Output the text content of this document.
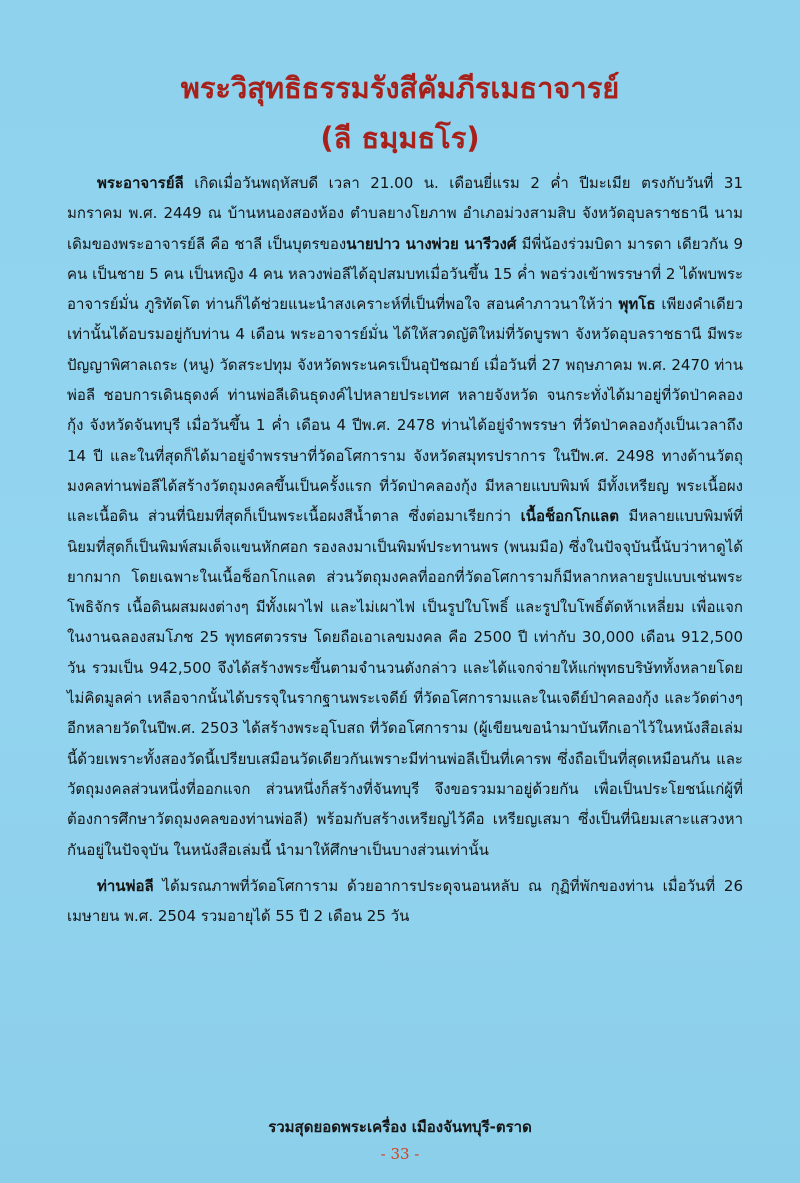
พระวิสุทธิธรรมรังสีคัมภีรเมธาจารย์
(ลี ธมฺมธโร)

พระอาจารย์ลี เกิดเมื่อวันพฤหัสบดี เวลา 21.00 น. เดือนยี่แรม 2 ค่ำ ปีมะเมีย ตรงกับวันที่ 31 มกราคม พ.ศ. 2449 ณ บ้านหนองสองห้อง ตำบลยางโยภาพ อำเภอม่วงสามสิบ จังหวัดอุบลราชธานี นามเดิมของพระอาจารย์ลี คือ ชาลี เป็นบุตรของนายปาว นางพ่วย นารีวงศ์ มีพี่น้องร่วมบิดา มารดา เดียวกัน 9 คน เป็นชาย 5 คน เป็นหญิง 4 คน หลวงพ่อลีได้อุปสมบทเมื่อวันขึ้น 15 ค่ำ พอร่วงเข้าพรรษาที่ 2 ได้พบพระอาจารย์มั่น ภูริทัตโต ท่านก็ได้ช่วยแนะนำสงเคราะห์ที่เป็นที่พอใจ สอนคำภาวนาให้ว่า พุทโธ เพียงคำเดียวเท่านั้นได้อบรมอยู่กับท่าน 4 เดือน พระอาจารย์มั่น ได้ให้สวดญัติใหม่ที่วัดบูรพา จังหวัดอุบลราชธานี มีพระปัญญาพิศาลเถระ (หนู) วัดสระปทุม จังหวัดพระนครเป็นอุปัชฌาย์ เมื่อวันที่ 27 พฤษภาคม พ.ศ. 2470 ท่านพ่อลี ชอบการเดินธุดงค์ ท่านพ่อลีเดินธุดงค์ไปหลายประเทศ หลายจังหวัด จนกระทั่งได้มาอยู่ที่วัดป่าคลองกุ้ง จังหวัดจันทบุรี เมื่อวันขึ้น 1 ค่ำ เดือน 4 ปีพ.ศ. 2478 ท่านได้อยู่จำพรรษา ที่วัดป่าคลองกุ้งเป็นเวลาถึง 14 ปี และในที่สุดก็ได้มาอยู่จำพรรษาที่วัดอโศการาม จังหวัดสมุทรปราการ ในปีพ.ศ. 2498 ทางด้านวัตถุมงคลท่านพ่อลีได้สร้างวัตถุมงคลขึ้นเป็นครั้งแรก ที่วัดป่าคลองกุ้ง มีหลายแบบพิมพ์ มีทั้งเหรียญ พระเนื้อผงและเนื้อดิน ส่วนที่นิยมที่สุดก็เป็นพระเนื้อผงสีน้ำตาล ซึ่งต่อมาเรียกว่า เนื้อช็อกโกแลต มีหลายแบบพิมพ์ที่นิยมที่สุดก็เป็นพิมพ์สมเด็จแขนหักศอก รองลงมาเป็นพิมพ์ประทานพร (พนมมือ) ซึ่งในปัจจุบันนี้นับว่าหาดูได้ยากมาก โดยเฉพาะในเนื้อช็อกโกแลต ส่วนวัตถุมงคลที่ออกที่วัดอโศการามก็มีหลากหลายรูปแบบเช่นพระโพธิจักร เนื้อดินผสมผงต่างๆ มีทั้งเผาไฟ และไม่เผาไฟ เป็นรูปใบโพธิ์ และรูปใบโพธิ์ตัดห้าเหลี่ยม เพื่อแจกในงานฉลองสมโภช 25 พุทธศตวรรษ โดยถือเอาเลขมงคล คือ 2500 ปี เท่ากับ 30,000 เดือน 912,500 วัน รวมเป็น 942,500 จึงได้สร้างพระขึ้นตามจำนวนดังกล่าว และได้แจกจ่ายให้แก่พุทธบริษัททั้งหลายโดยไม่คิดมูลค่า เหลือจากนั้นได้บรรจุในรากฐานพระเจดีย์ ที่วัดอโศการามและในเจดีย์ป่าคลองกุ้ง และวัดต่างๆ อีกหลายวัดในปีพ.ศ. 2503 ได้สร้างพระอุโบสถ ที่วัดอโศการาม (ผู้เขียนขอนำมาบันทึกเอาไว้ในหนังสือเล่มนี้ด้วยเพราะทั้งสองวัดนี้เปรียบเสมือนวัดเดียวกันเพราะมีท่านพ่อลีเป็นที่เคารพ ซึ่งถือเป็นที่สุดเหมือนกัน และวัตถุมงคลส่วนหนึ่งที่ออกแจก ส่วนหนึ่งก็สร้างที่จันทบุรี จึงขอรวมมาอยู่ด้วยกัน เพื่อเป็นประโยชน์แก่ผู้ที่ต้องการศึกษาวัตถุมงคลของท่านพ่อลี) พร้อมกับสร้างเหรียญไว้คือ เหรียญเสมา ซึ่งเป็นที่นิยมเสาะแสวงหากันอยู่ในปัจจุบัน ในหนังสือเล่มนี้ นำมาให้ศึกษาเป็นบางส่วนเท่านั้น

ท่านพ่อลี ได้มรณภาพที่วัดอโศการาม ด้วยอาการประดุจนอนหลับ ณ กุฏิที่พักของท่าน เมื่อวันที่ 26 เมษายน พ.ศ. 2504 รวมอายุได้ 55 ปี 2 เดือน 25 วัน

รวมสุดยอดพระเครื่อง เมืองจันทบุรี-ตราด
- 33 -
